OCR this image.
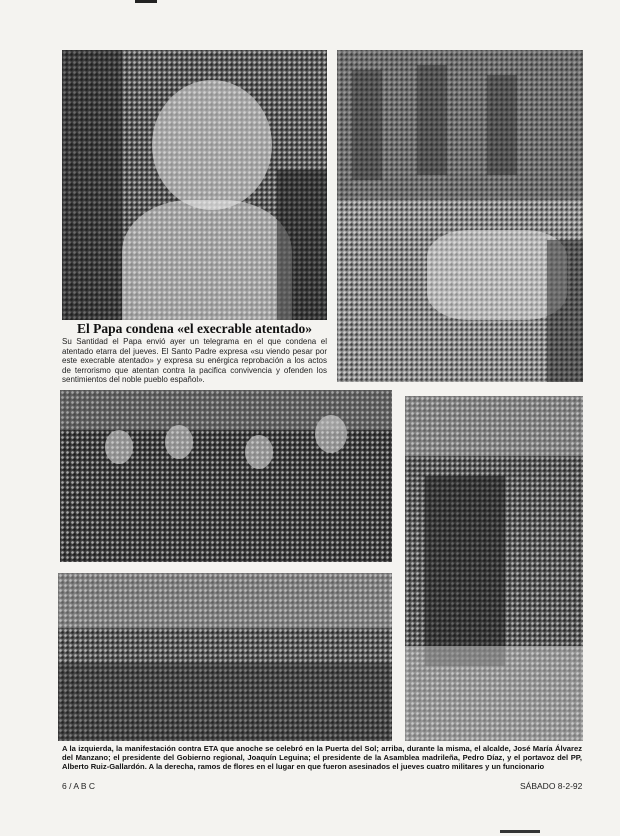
El Papa condena «el execrable atentado»
Su Santidad el Papa envió ayer un telegrama en el que condena el atentado etarra del jueves. El Santo Padre expresa «su viendo pesar por este execrable atentado» y expresa su enérgica reprobación a los actos de terrorismo que atentan contra la pacifica convivencia y ofenden los sentimientos del noble pueblo español».
A la izquierda, la manifestación contra ETA que anoche se celebró en la Puerta del Sol; arriba, durante la misma, el alcalde, José María Álvarez del Manzano; el presidente del Gobierno regional, Joaquín Leguina; el presidente de la Asamblea madrileña, Pedro Díaz, y el portavoz del PP, Alberto Ruiz-Gallardón. A la derecha, ramos de flores en el lugar en que fueron asesinados el jueves cuatro militares y un funcionario
6 / A B C	SÁBADO 8-2-92
